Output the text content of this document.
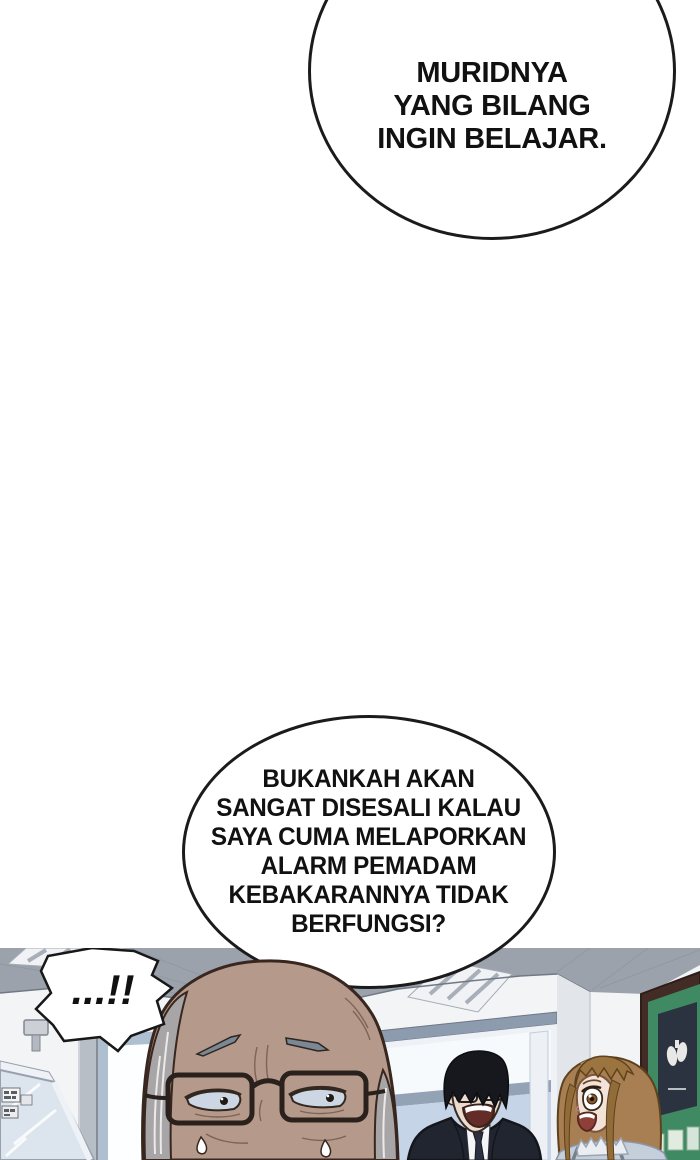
BUKANKAH AKAN
SANGAT DISESALI KALAU
SAYA CUMA MELAPORKAN
ALARM PEMADAM
KEBAKARANNYA TIDAK
BERFUNGSI?
...!!
MURIDNYA
YANG BILANG
INGIN BELAJAR.
